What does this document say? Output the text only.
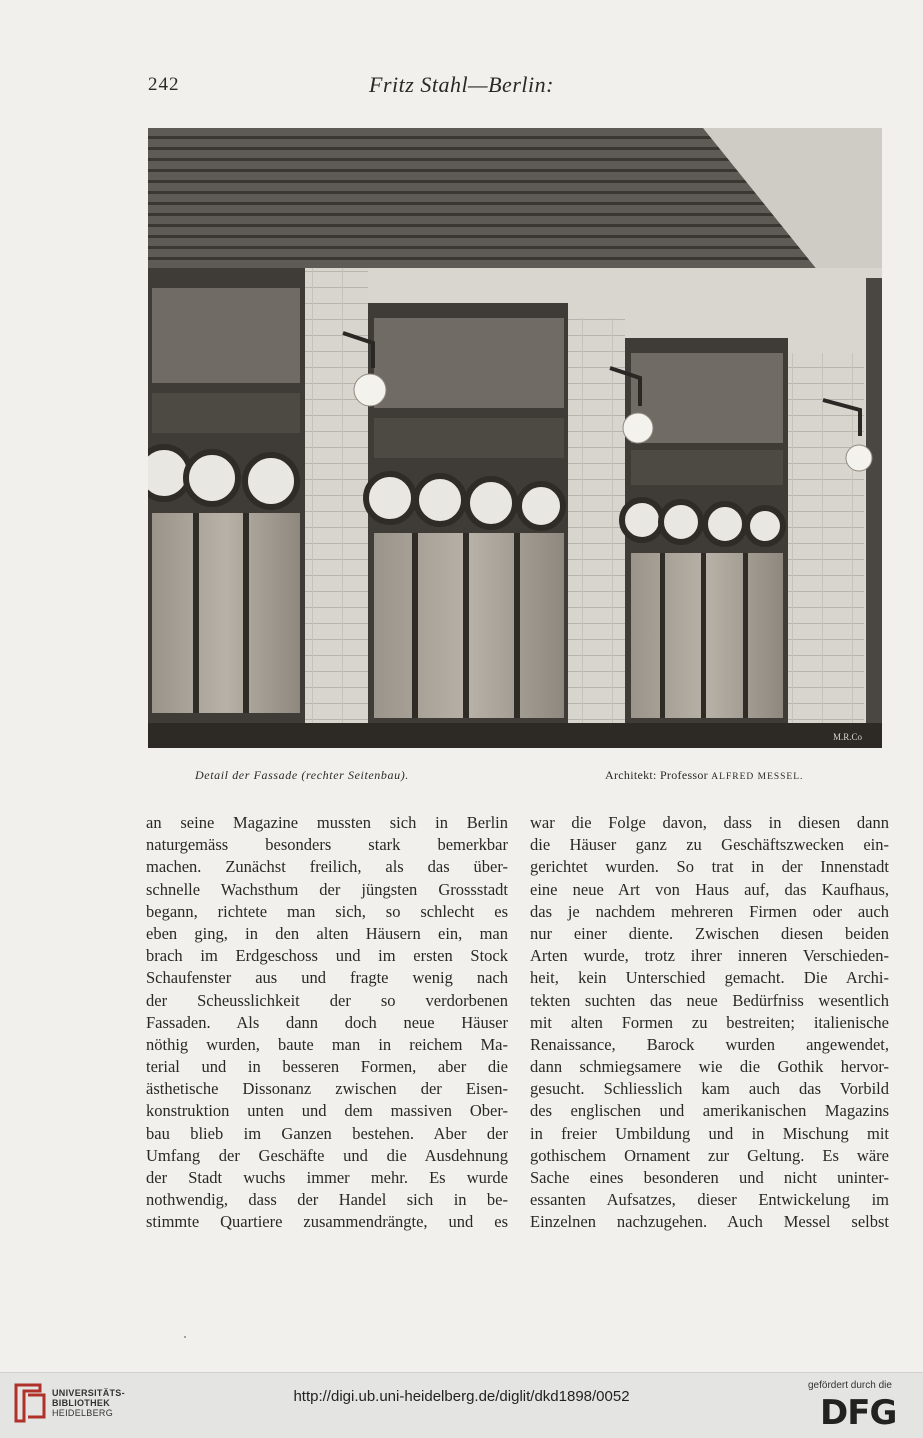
242	Fritz Stahl—Berlin:
M.R.Co
Detail der Fassade (rechter Seitenbau).	Architekt: Professor ALFRED MESSEL.
an seine Magazine mussten sich in Berlin
naturgemäss besonders stark bemerkbar
machen. Zunächst freilich, als das über-
schnelle Wachsthum der jüngsten Grossstadt
begann, richtete man sich, so schlecht es
eben ging, in den alten Häusern ein, man
brach im Erdgeschoss und im ersten Stock
Schaufenster aus und fragte wenig nach
der Scheusslichkeit der so verdorbenen
Fassaden. Als dann doch neue Häuser
nöthig wurden, baute man in reichem Ma-
terial und in besseren Formen, aber die
ästhetische Dissonanz zwischen der Eisen-
konstruktion unten und dem massiven Ober-
bau blieb im Ganzen bestehen. Aber der
Umfang der Geschäfte und die Ausdehnung
der Stadt wuchs immer mehr. Es wurde
nothwendig, dass der Handel sich in be-
stimmte Quartiere zusammendrängte, und es
war die Folge davon, dass in diesen dann
die Häuser ganz zu Geschäftszwecken ein-
gerichtet wurden. So trat in der Innenstadt
eine neue Art von Haus auf, das Kaufhaus,
das je nachdem mehreren Firmen oder auch
nur einer diente. Zwischen diesen beiden
Arten wurde, trotz ihrer inneren Verschieden-
heit, kein Unterschied gemacht. Die Archi-
tekten suchten das neue Bedürfniss wesentlich
mit alten Formen zu bestreiten; italienische
Renaissance, Barock wurden angewendet,
dann schmiegsamere wie die Gothik hervor-
gesucht. Schliesslich kam auch das Vorbild
des englischen und amerikanischen Magazins
in freier Umbildung und in Mischung mit
gothischem Ornament zur Geltung. Es wäre
Sache eines besonderen und nicht uninter-
essanten Aufsatzes, dieser Entwickelung im
Einzelnen nachzugehen. Auch Messel selbst
UNIVERSITÄTS-
BIBLIOTHEK
HEIDELBERG
http://digi.ub.uni-heidelberg.de/diglit/dkd1898/0052
gefördert durch die
DFG
